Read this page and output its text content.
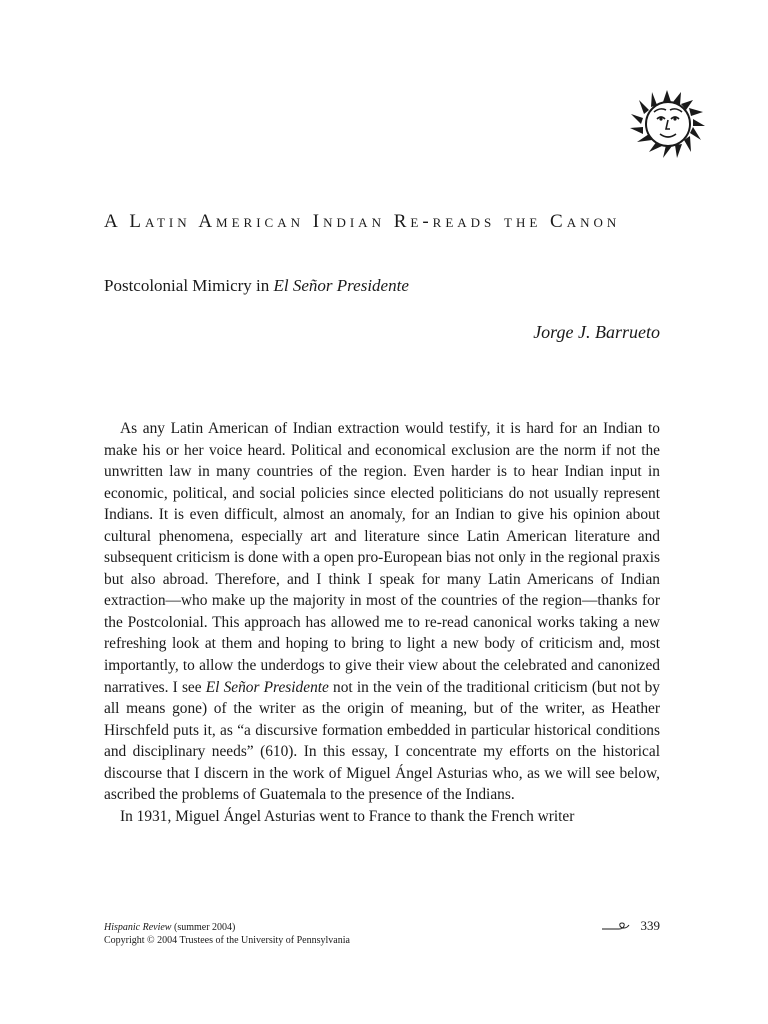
A Latin American Indian Re-reads the Canon
Postcolonial Mimicry in El Señor Presidente
Jorge J. Barrueto

As any Latin American of Indian extraction would testify, it is hard for an Indian to make his or her voice heard. Political and economical exclusion are the norm if not the unwritten law in many countries of the region. Even harder is to hear Indian input in economic, political, and social policies since elected politicians do not usually represent Indians. It is even difficult, almost an anomaly, for an Indian to give his opinion about cultural phenomena, especially art and literature since Latin American literature and subsequent criticism is done with a open pro-European bias not only in the regional praxis but also abroad. Therefore, and I think I speak for many Latin Americans of Indian extraction—who make up the majority in most of the countries of the region—thanks for the Postcolonial. This approach has allowed me to re-read canonical works taking a new refreshing look at them and hoping to bring to light a new body of criticism and, most importantly, to allow the underdogs to give their view about the celebrated and canonized narratives. I see El Señor Presidente not in the vein of the traditional criticism (but not by all means gone) of the writer as the origin of meaning, but of the writer, as Heather Hirschfeld puts it, as “a discursive formation embedded in particular historical conditions and disciplinary needs” (610). In this essay, I concentrate my efforts on the historical discourse that I discern in the work of Miguel Ángel Asturias who, as we will see below, ascribed the problems of Guatemala to the presence of the Indians.

In 1931, Miguel Ángel Asturias went to France to thank the French writer

Hispanic Review (summer 2004)
Copyright © 2004 Trustees of the University of Pennsylvania
339
